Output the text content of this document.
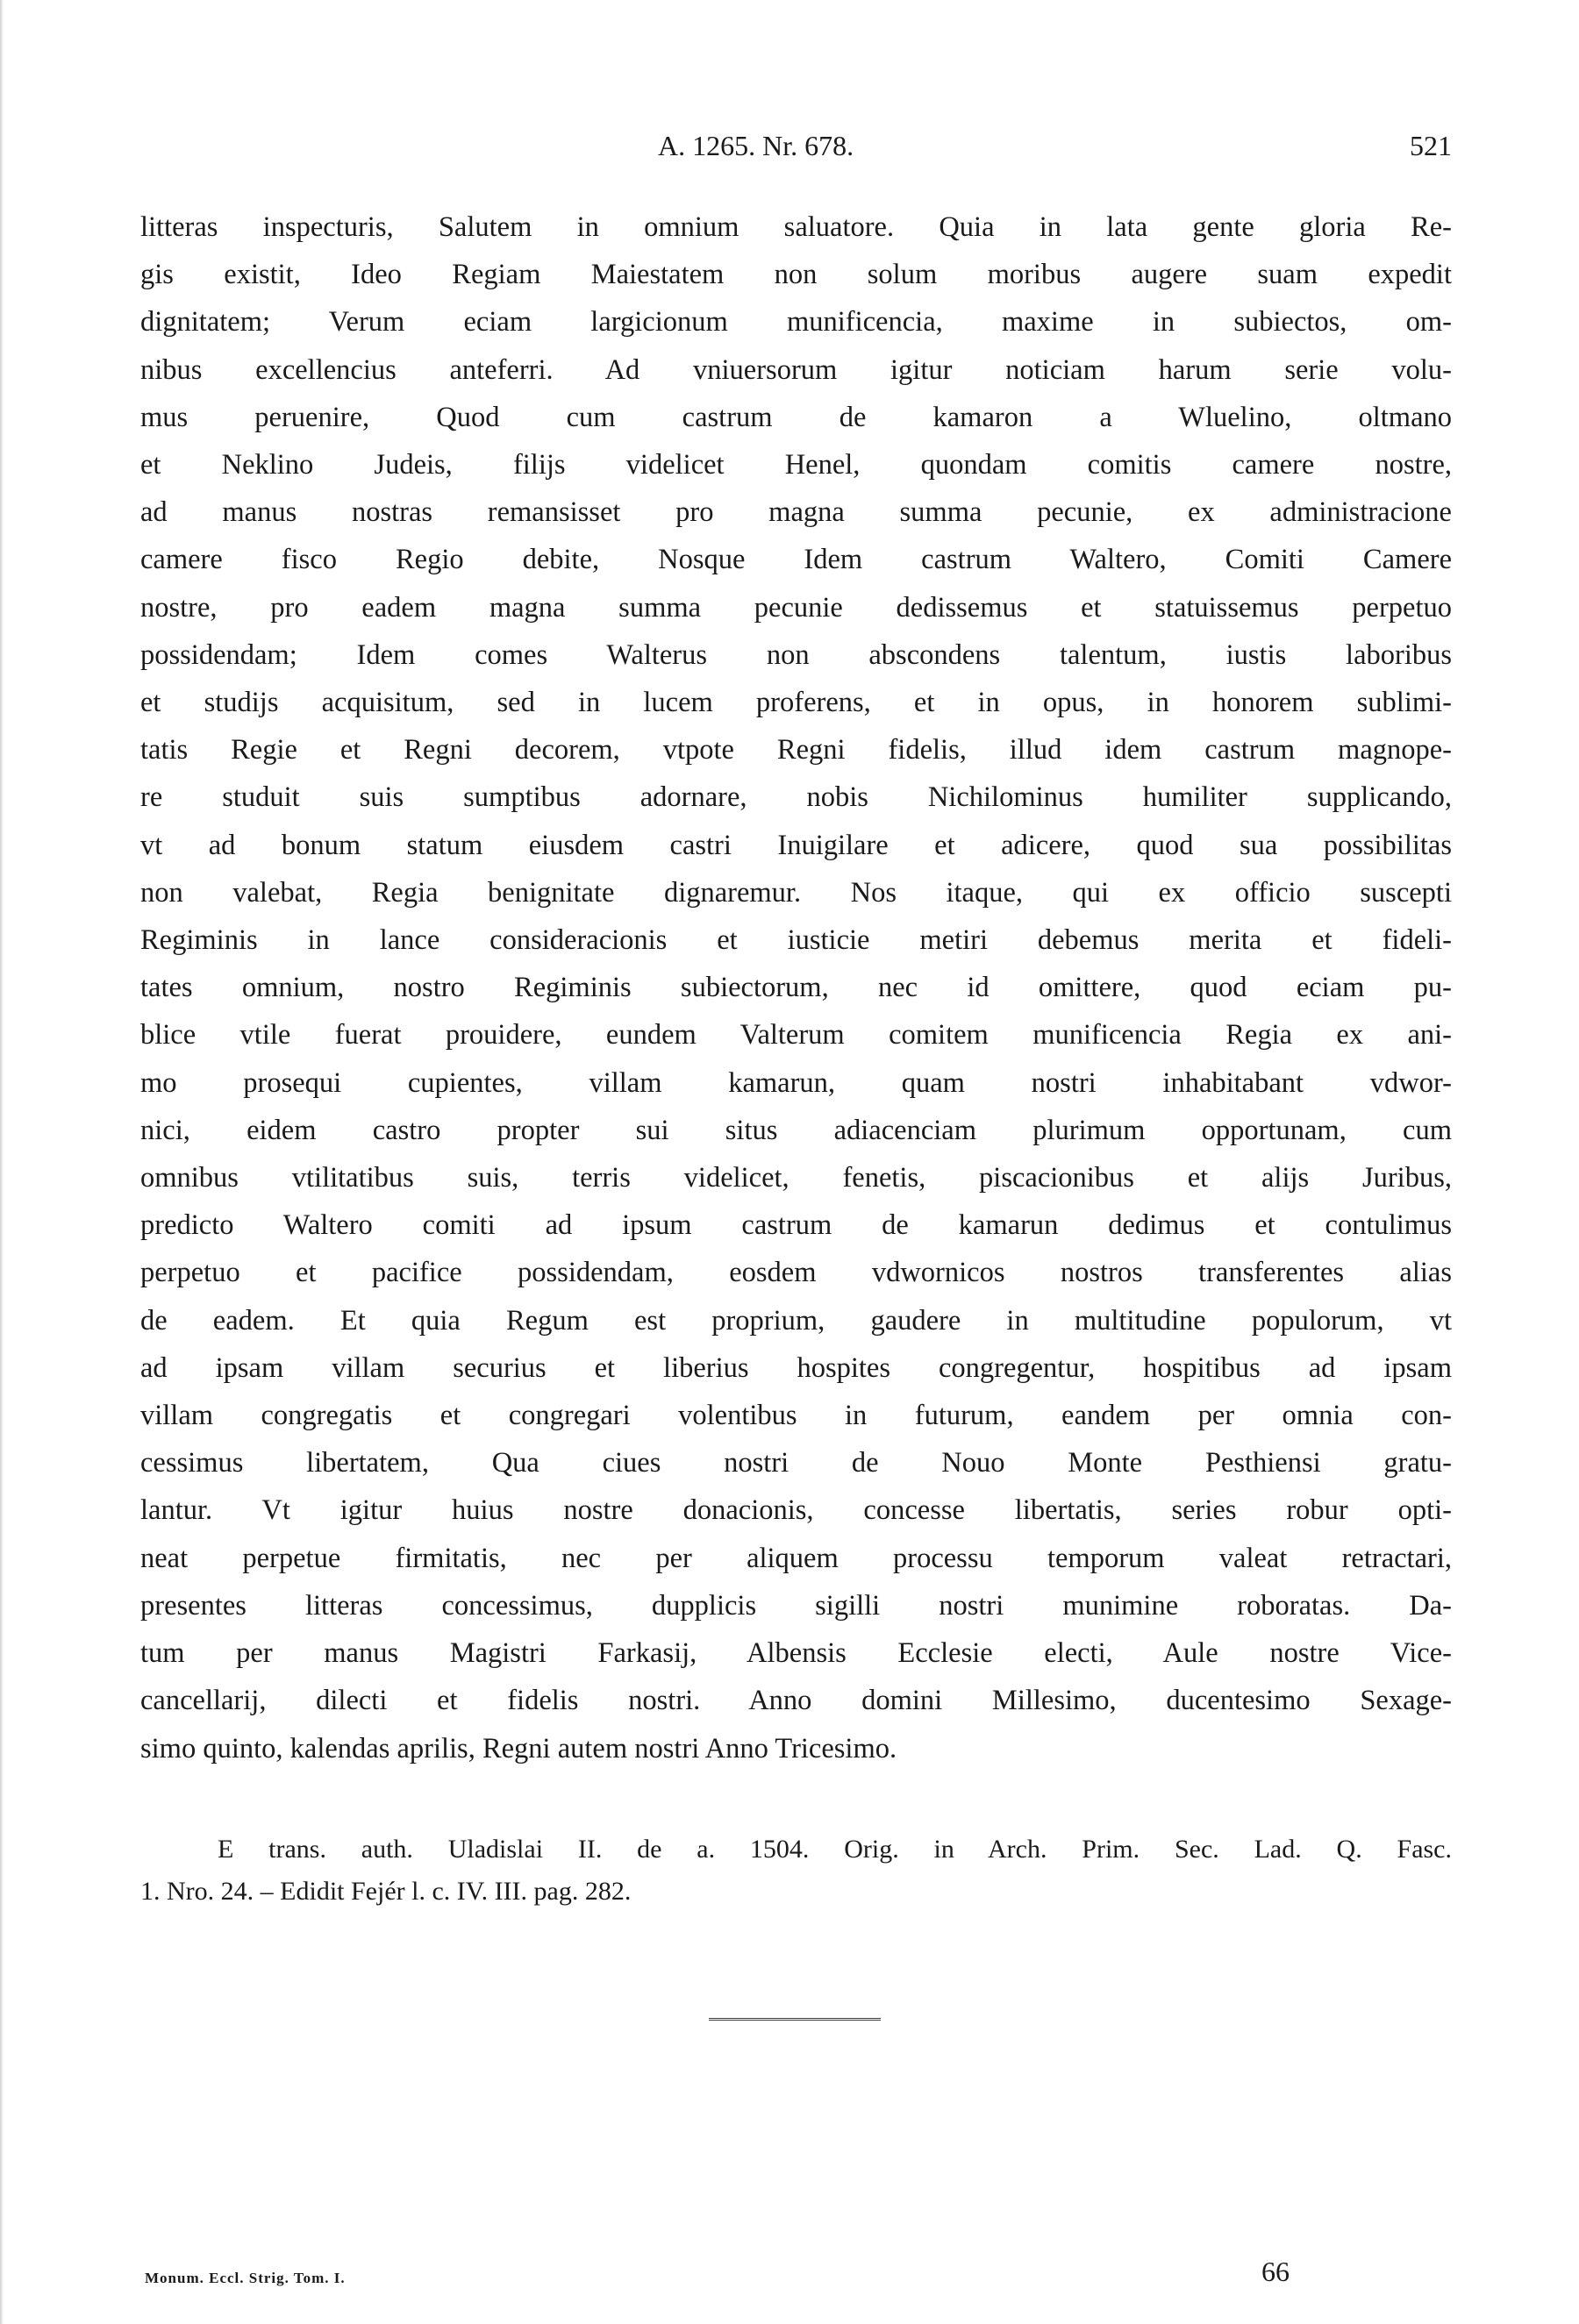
A. 1265. Nr. 678.	521
litteras inspecturis, Salutem in omnium saluatore. Quia in lata gente gloria Re-
gis existit, Ideo Regiam Maiestatem non solum moribus augere suam expedit
dignitatem; Verum eciam largicionum munificencia, maxime in subiectos, om-
nibus excellencius anteferri. Ad vniuersorum igitur noticiam harum serie volu-
mus peruenire, Quod cum castrum de kamaron a Wluelino, oltmano
et Neklino Judeis, filijs videlicet Henel, quondam comitis camere nostre,
ad manus nostras remansisset pro magna summa pecunie, ex administracione
camere fisco Regio debite, Nosque Idem castrum Waltero, Comiti Camere
nostre, pro eadem magna summa pecunie dedissemus et statuissemus perpetuo
possidendam; Idem comes Walterus non abscondens talentum, iustis laboribus
et studijs acquisitum, sed in lucem proferens, et in opus, in honorem sublimi-
tatis Regie et Regni decorem, vtpote Regni fidelis, illud idem castrum magnope-
re studuit suis sumptibus adornare, nobis Nichilominus humiliter supplicando,
vt ad bonum statum eiusdem castri Inuigilare et adicere, quod sua possibilitas
non valebat, Regia benignitate dignaremur. Nos itaque, qui ex officio suscepti
Regiminis in lance consideracionis et iusticie metiri debemus merita et fideli-
tates omnium, nostro Regiminis subiectorum, nec id omittere, quod eciam pu-
blice vtile fuerat prouidere, eundem Valterum comitem munificencia Regia ex ani-
mo prosequi cupientes, villam kamarun, quam nostri inhabitabant vdwor-
nici, eidem castro propter sui situs adiacenciam plurimum opportunam, cum
omnibus vtilitatibus suis, terris videlicet, fenetis, piscacionibus et alijs Juribus,
predicto Waltero comiti ad ipsum castrum de kamarun dedimus et contulimus
perpetuo et pacifice possidendam, eosdem vdwornicos nostros transferentes alias
de eadem. Et quia Regum est proprium, gaudere in multitudine populorum, vt
ad ipsam villam securius et liberius hospites congregentur, hospitibus ad ipsam
villam congregatis et congregari volentibus in futurum, eandem per omnia con-
cessimus libertatem, Qua ciues nostri de Nouo Monte Pesthiensi gratu-
lantur. Vt igitur huius nostre donacionis, concesse libertatis, series robur opti-
neat perpetue firmitatis, nec per aliquem processu temporum valeat retractari,
presentes litteras concessimus, dupplicis sigilli nostri munimine roboratas. Da-
tum per manus Magistri Farkasij, Albensis Ecclesie electi, Aule nostre Vice-
cancellarij, dilecti et fidelis nostri. Anno domini Millesimo, ducentesimo Sexage-
simo quinto, kalendas aprilis, Regni autem nostri Anno Tricesimo.
E trans. auth. Uladislai II. de a. 1504. Orig. in Arch. Prim. Sec. Lad. Q. Fasc.
1. Nro. 24. – Edidit Fejér l. c. IV. III. pag. 282.
Monum. Eccl. Strig. Tom. I.	66
